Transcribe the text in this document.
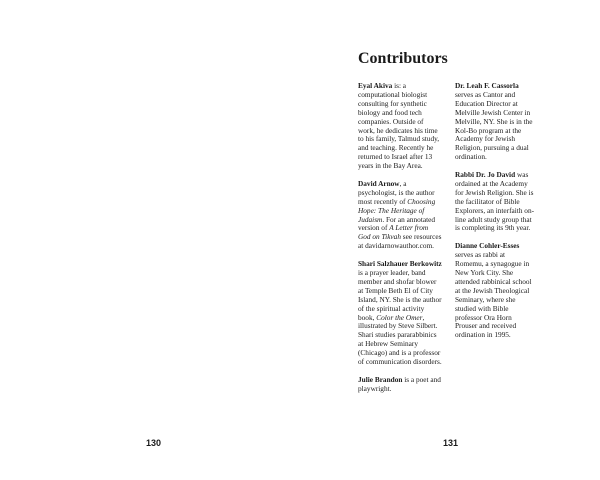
Contributors

Eyal Akiva is: a computational biologist consulting for synthetic biology and food tech companies. Outside of work, he dedicates his time to his family, Talmud study, and teaching. Recently he returned to Israel after 13 years in the Bay Area.

David Arnow, a psychologist, is the author most recently of Choosing Hope: The Heritage of Judaism. For an annotated version of A Letter from God on Tikvah see resources at davidarnowauthor.com.

Shari Salzhauer Berkowitz is a prayer leader, band member and shofar blower at Temple Beth El of City Island, NY. She is the author of the spiritual activity book, Color the Omer, illustrated by Steve Silbert. Shari studies pararabbinics at Hebrew Seminary (Chicago) and is a professor of communication disorders.

Julie Brandon is a poet and playwright.

Dr. Leah F. Cassorla serves as Cantor and Education Director at Melville Jewish Center in Melville, NY. She is in the Kol-Bo program at the Academy for Jewish Religion, pursuing a dual ordination.

Rabbi Dr. Jo David was ordained at the Academy for Jewish Religion. She is the facilitator of Bible Explorers, an interfaith on-line adult study group that is completing its 9th year.

Dianne Cohler-Esses serves as rabbi at Romemu, a synagogue in New York City. She attended rabbinical school at the Jewish Theological Seminary, where she studied with Bible professor Ora Horn Prouser and received ordination in 1995.

130	131
